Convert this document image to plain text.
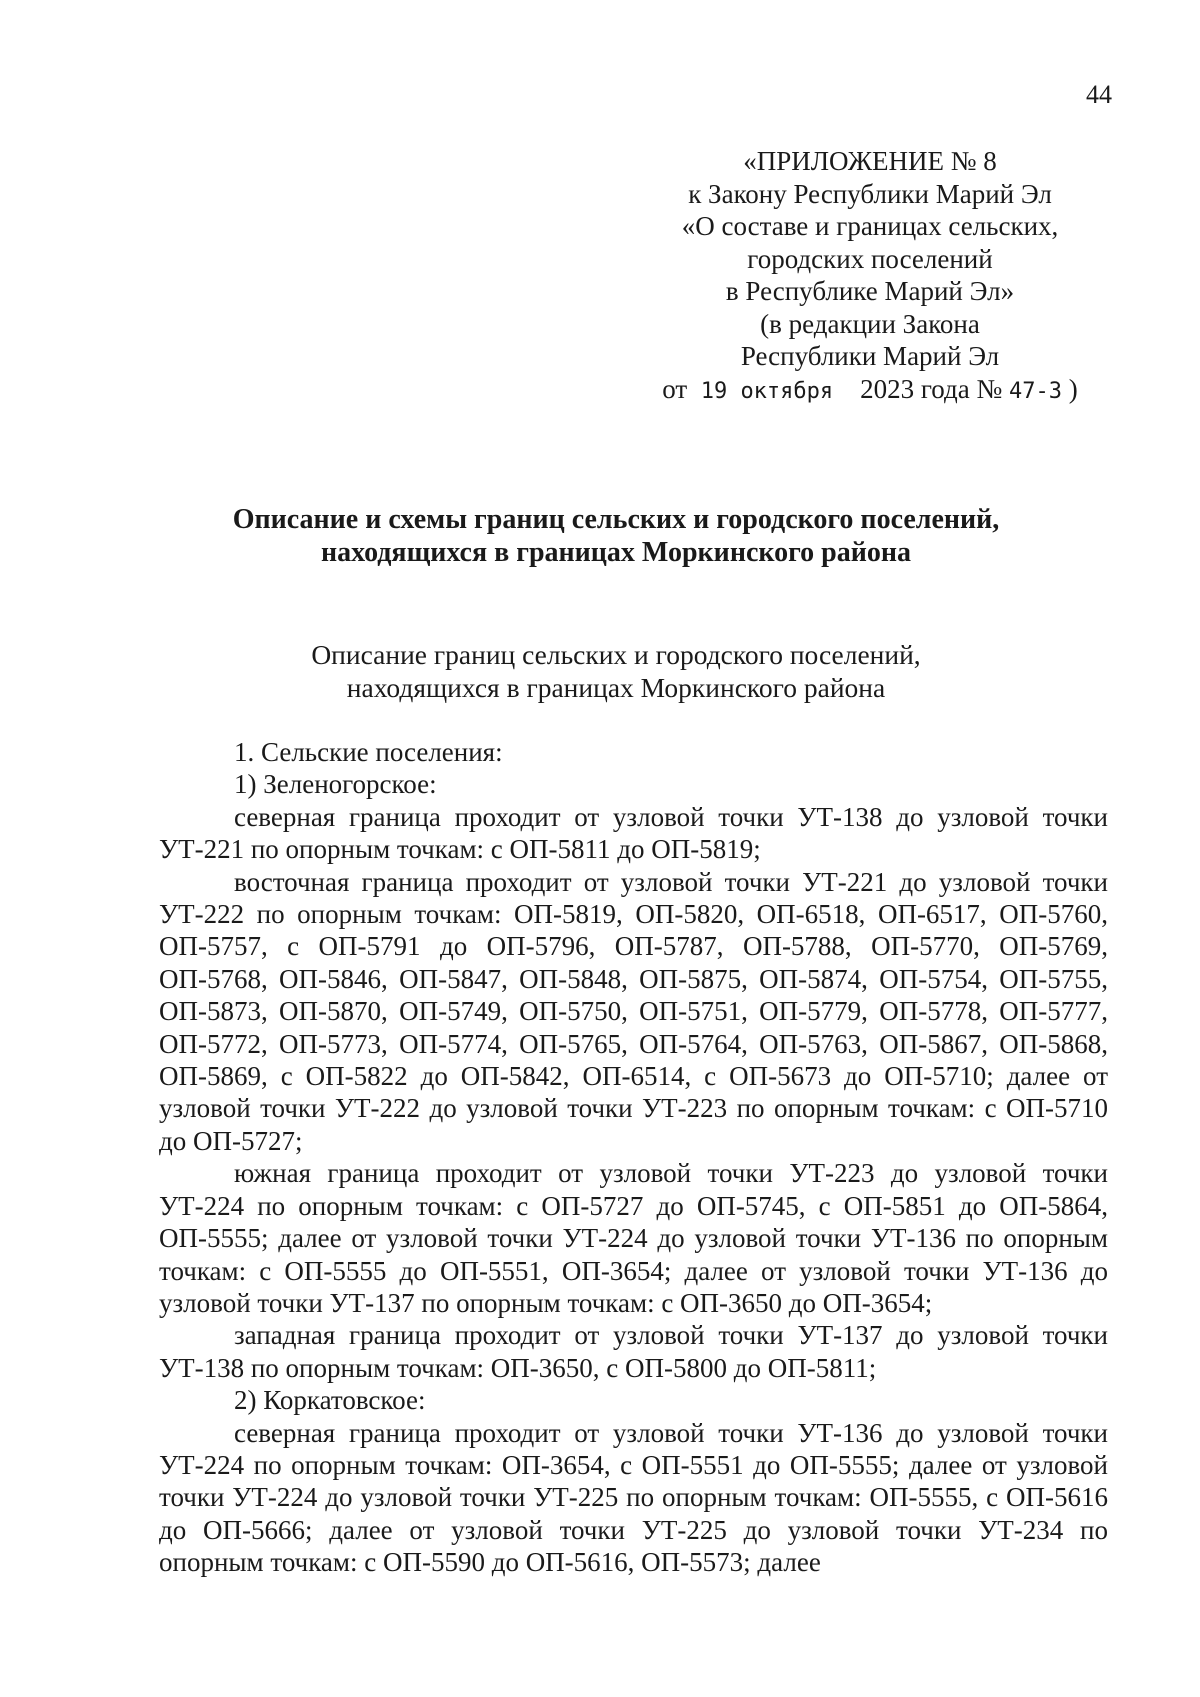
44
«ПРИЛОЖЕНИЕ № 8
к Закону Республики Марий Эл
«О составе и границах сельских,
городских поселений
в Республике Марий Эл»
(в редакции Закона
Республики Марий Эл
от 19 октября 2023 года № 47-З )
Описание и схемы границ сельских и городского поселений,
находящихся в границах Моркинского района
Описание границ сельских и городского поселений,
находящихся в границах Моркинского района

1. Сельские поселения:

1) Зеленогорское:

северная граница проходит от узловой точки УТ-138 до узловой точки УТ-221 по опорным точкам: с ОП-5811 до ОП-5819;

восточная граница проходит от узловой точки УТ-221 до узловой точки УТ-222 по опорным точкам: ОП-5819, ОП-5820, ОП-6518, ОП-6517, ОП-5760, ОП-5757, с ОП-5791 до ОП-5796, ОП-5787, ОП-5788, ОП-5770, ОП-5769, ОП-5768, ОП-5846, ОП-5847, ОП-5848, ОП-5875, ОП-5874, ОП-5754, ОП-5755, ОП-5873, ОП-5870, ОП-5749, ОП-5750, ОП-5751, ОП-5779, ОП-5778, ОП-5777, ОП-5772, ОП-5773, ОП-5774, ОП-5765, ОП-5764, ОП-5763, ОП-5867, ОП-5868, ОП-5869, с ОП-5822 до ОП-5842, ОП-6514, с ОП-5673 до ОП-5710; далее от узловой точки УТ-222 до узловой точки УТ-223 по опорным точкам: с ОП-5710 до ОП-5727;

южная граница проходит от узловой точки УТ-223 до узловой точки УТ-224 по опорным точкам: с ОП-5727 до ОП-5745, с ОП-5851 до ОП-5864, ОП-5555; далее от узловой точки УТ-224 до узловой точки УТ-136 по опорным точкам: с ОП-5555 до ОП-5551, ОП-3654; далее от узловой точки УТ-136 до узловой точки УТ-137 по опорным точкам: с ОП-3650 до ОП-3654;

западная граница проходит от узловой точки УТ-137 до узловой точки УТ-138 по опорным точкам: ОП-3650, с ОП-5800 до ОП-5811;

2) Коркатовское:

северная граница проходит от узловой точки УТ-136 до узловой точки УТ-224 по опорным точкам: ОП-3654, с ОП-5551 до ОП-5555; далее от узловой точки УТ-224 до узловой точки УТ-225 по опорным точкам: ОП-5555, с ОП-5616 до ОП-5666; далее от узловой точки УТ-225 до узловой точки УТ-234 по опорным точкам: с ОП-5590 до ОП-5616, ОП-5573; далее
